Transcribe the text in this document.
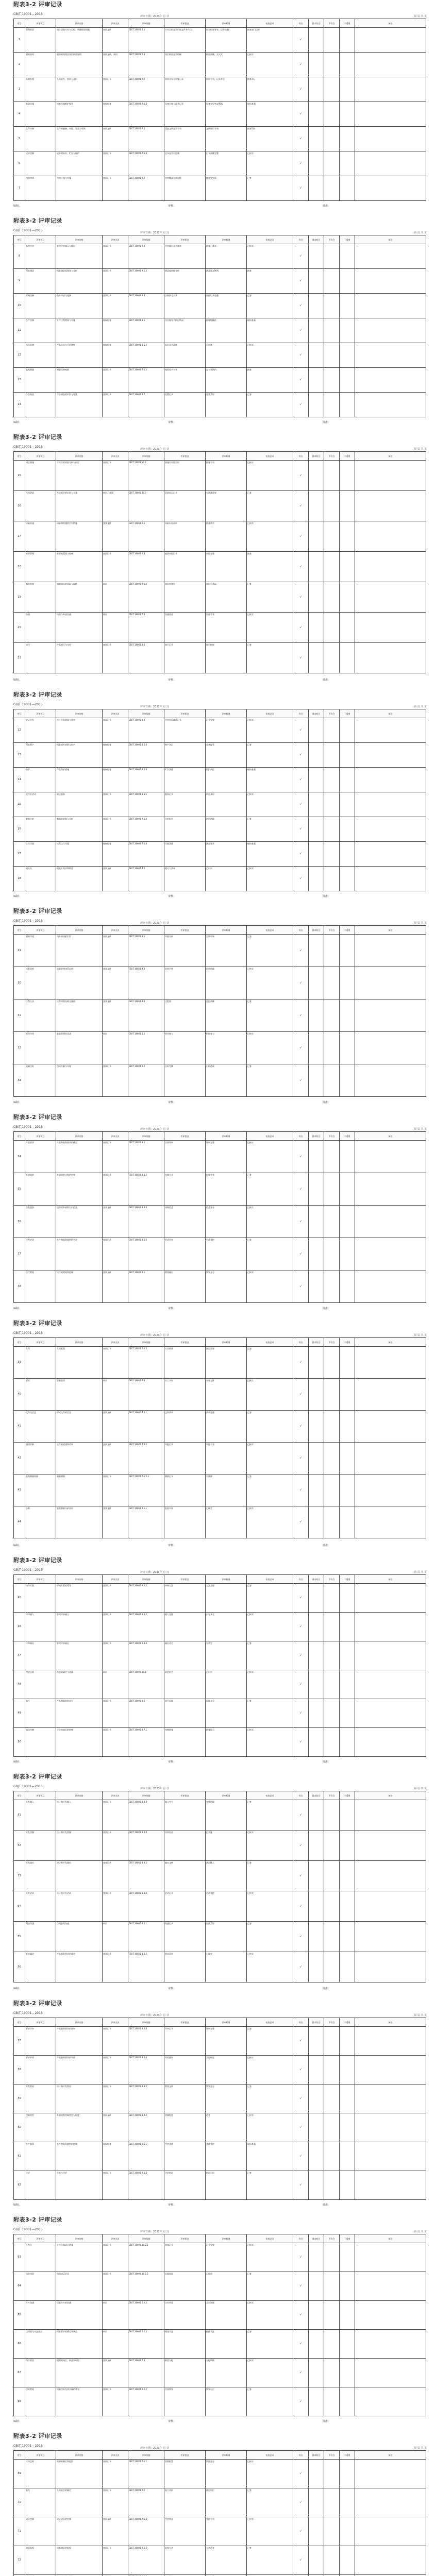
附表3-2 评审记录
GB/T 19001—2016
评审日期：2023年 月 日	第 页 共 页
序号	评审项目	评审内容	评审方法	评审依据	评审要点	评审标准	检查记录	符合	基本符合	不符合	不适用	备注
1	管理职责	建立质量方针与目标，明确职责权限	查阅文件	GB/T 19001 5.1	方针目标是否形成文件并传达	符合标准要求，记录完整	抽查部门记录	√				
2	组织结构	组织机构图及岗位职责说明	查阅文件、询问	GB/T 19001 5.3	岗位职责是否明确	职责清晰，无交叉	已核实	√				
3	资源管理	人员能力、培训与意识	查阅记录	GB/T 19001 7.2	培训计划与实施记录	培训有效，记录齐全	抽查3人	√				
4	基础设施	设备设施维护保养	现场检查	GB/T 19001 7.1.3	设备台账与保养记录	设备完好率≥95%	现场查看	√				
5	文件控制	文件的编制、审批、发放与更改	查阅文件	GB/T 19001 7.5	受控文件是否有效	文件现行有效	抽查5份	√				
6	记录控制	记录的标识、贮存与保护	查阅记录	GB/T 19001 7.5.3	记录是否可追溯	记录清晰完整	已核实	√				
7	内部审核	内审计划与实施	查阅记录	GB/T 19001 9.2	内审覆盖全部过程	按计划完成	已查	√				
编制：	审核：	批准：
附表3-2 评审记录
GB/T 19001—2016
评审日期：2023年 月 日	第 页 共 页
序号	评审项目	评审内容	评审方法	评审依据	评审要点	评审标准	检查记录	符合	基本符合	不符合	不适用	备注
8	管理评审	管理评审输入与输出	查阅记录	GB/T 19001 9.3	评审输出是否落实	措施已落实	已核实	√				
9	顾客满意	顾客满意度调查与分析	查阅记录	GB/T 19001 9.1.2	满意度数据分析	满意度≥90%	抽查	√				
10	采购控制	供方评价与选择	查阅记录	GB/T 19001 8.4	合格供方名录	评价记录完整	已查	√				
11	生产控制	生产过程策划与实施	现场检查	GB/T 19001 8.5	作业指导书执行情况	按规程操作	现场查看	√				
12	标识追溯	产品标识与可追溯性	现场检查	GB/T 19001 8.5.2	标识是否清晰	可追溯	已核实	√				
13	监视测量	测量设备校准	查阅记录	GB/T 19001 7.1.5	校准证书有效	在有效期内	抽查	√				
14	不合格品	不合格品的识别与处置	查阅记录	GB/T 19001 8.7	处置记录	处置及时	已查	√				
编制：	审核：	批准：
附表3-2 评审记录
GB/T 19001—2016
评审日期：2023年 月 日	第 页 共 页
序号	评审项目	评审内容	评审方法	评审依据	评审要点	评审标准	检查记录	符合	基本符合	不符合	不适用	备注
15	纠正措施	不符合的原因分析与纠正	查阅记录	GB/T 19001 10.2	措施有效性验证	措施有效	已核实	√				
16	持续改进	改进机会的识别与实施	询问、查阅	GB/T 19001 10.3	改进项目记录	有改进成果	已查	√				
17	风险机遇	风险和机遇的应对措施	查阅文件	GB/T 19001 6.1	风险识别清单	措施落实	已核实	√				
18	变更管理	变更的策划与控制	查阅记录	GB/T 19001 6.3	变更审批记录	审批完整	抽查	√				
19	知识管理	组织知识的获取与保持	询问	GB/T 19001 7.1.6	知识库建设	知识可获取	已查	√				
20	沟通	内部与外部沟通	询问	GB/T 19001 7.4	沟通渠道	沟通有效	已核实	√				
21	交付	产品放行与交付	查阅记录	GB/T 19001 8.6	放行记录	放行授权	已查	√				
编制：	审核：	批准：
附表3-2 评审记录
GB/T 19001—2016
评审日期：2023年 月 日	第 页 共 页
序号	评审项目	评审内容	评审方法	评审依据	评审要点	评审标准	检查记录	符合	基本符合	不符合	不适用	备注
22	设计开发	设计开发策划与评审	查阅记录	GB/T 19001 8.3	评审验证确认记录	记录完整	已核实	√				
23	顾客财产	顾客或外部供方财产	现场检查	GB/T 19001 8.5.3	财产登记	妥善保管	已查	√				
24	防护	产品防护措施	现场检查	GB/T 19001 8.5.4	贮存条件	防护到位	现场查看	√				
25	交付后活动	售后服务	查阅记录	GB/T 19001 8.5.5	服务记录	响应及时	已核实	√				
26	数据分析	数据的收集与分析	查阅记录	GB/T 19001 9.1.3	分析报告	结论明确	已查	√				
27	工作环境	过程运行环境	现场检查	GB/T 19001 7.1.4	环境条件	满足要求	现场查看	√				
28	相关方	相关方需求和期望	查阅文件	GB/T 19001 4.2	相关方清单	已识别	已核实	√				
编制：	审核：	批准：
附表3-2 评审记录
GB/T 19001—2016
评审日期：2023年 月 日	第 页 共 页
序号	评审项目	评审内容	评审方法	评审依据	评审要点	评审标准	检查记录	符合	基本符合	不符合	不适用	备注
29	组织环境	内外部因素识别	查阅文件	GB/T 19001 4.1	环境分析	定期更新	已查	√				
30	体系范围	质量管理体系范围	查阅文件	GB/T 19001 4.3	范围声明	范围明确	已核实	√				
31	过程方法	过程识别及相互作用	查阅文件	GB/T 19001 4.4	过程图	过程清晰	已查	√				
32	领导作用	最高管理者承诺	询问	GB/T 19001 5.1	领导参与	积极参与	已核实	√				
33	质量目标	目标分解与实现	查阅记录	GB/T 19001 6.2	目标考核	目标达成	已查	√				
编制：	审核：	批准：
附表3-2 评审记录
GB/T 19001—2016
评审日期：2023年 月 日	第 页 共 页
序号	评审项目	评审内容	评审方法	评审依据	评审要点	评审标准	检查记录	符合	基本符合	不符合	不适用	备注
34	产品要求	产品和服务要求的确定	查阅记录	GB/T 19001 8.2	合同评审	评审完整	已核实	√				
35	外部提供	外部提供过程的控制	查阅记录	GB/T 19001 8.4.2	控制方式	控制有效	已查	√				
36	信息提供	提供给外部供方的信息	查阅文件	GB/T 19001 8.4.3	采购信息	信息充分	已核实	√				
37	过程更改	生产和服务提供的更改	查阅记录	GB/T 19001 8.5.6	更改评审	更改受控	已查	√				
38	运行策划	运行的策划和控制	查阅文件	GB/T 19001 8.1	策划输出	策划充分	已核实	√				
编制：	审核：	批准：
附表3-2 评审记录
GB/T 19001—2016
评审日期：2023年 月 日	第 页 共 页
序号	评审项目	评审内容	评审方法	评审依据	评审要点	评审标准	检查记录	符合	基本符合	不符合	不适用	备注
39	人员	人员配置	查阅记录	GB/T 19001 7.1.2	人员数量	满足需要	已查	√				
40	意识	质量意识	询问	GB/T 19001 7.3	员工认知	知晓方针	已核实	√				
41	文件化信息	形成文件的信息	查阅文件	GB/T 19001 7.5.1	文件清单	清单完整	已查	√				
42	创建更新	文件的创建和更新	查阅文件	GB/T 19001 7.5.2	审批记录	审批有效	已核实	√				
43	监视测量资源	测量溯源	查阅记录	GB/T 19001 7.1.5.2	溯源记录	可溯源	已查	√				
44	总则	监视测量分析评价	查阅文件	GB/T 19001 9.1.1	监视对象	已确定	已核实	√				
编制：	审核：	批准：
附表3-2 评审记录
GB/T 19001—2016
评审日期：2023年 月 日	第 页 共 页
序号	评审项目	评审内容	评审方法	评审依据	评审要点	评审标准	检查记录	符合	基本符合	不符合	不适用	备注
45	内审方案	审核方案的策划	查阅记录	GB/T 19001 9.2.2	审核方案	方案合理	已查	√				
46	评审输入	管理评审输入	查阅记录	GB/T 19001 9.3.2	输入完整	内容齐全	已核实	√				
47	评审输出	管理评审输出	查阅记录	GB/T 19001 9.3.3	输出决定	有决定	已查	√				
48	改进总则	改进的确定与选择	询问	GB/T 19001 10.1	改进机会	已识别	已核实	√				
49	放行	产品和服务的放行	查阅记录	GB/T 19001 8.6	放行证据	证据充分	已查	√				
50	输出控制	不合格输出的控制	查阅记录	GB/T 19001 8.7.1	控制措施	措施得当	已核实	√				
编制：	审核：	批准：
附表3-2 评审记录
GB/T 19001—2016
评审日期：2023年 月 日	第 页 共 页
序号	评审项目	评审内容	评审方法	评审依据	评审要点	评审标准	检查记录	符合	基本符合	不符合	不适用	备注
51	开发输入	设计和开发输入	查阅记录	GB/T 19001 8.3.3	输入充分	完整明确	已查	√				
52	开发控制	设计和开发控制	查阅记录	GB/T 19001 8.3.4	评审验证	已实施	已核实	√				
53	开发输出	设计和开发输出	查阅记录	GB/T 19001 8.3.5	输出文件	满足输入	已查	√				
54	开发更改	设计和开发更改	查阅记录	GB/T 19001 8.3.6	更改记录	更改受控	已核实	√				
55	顾客沟通	与顾客的沟通	询问	GB/T 19001 8.2.1	沟通记录	沟通及时	已查	√				
56	要求确定	产品服务要求的确定	查阅记录	GB/T 19001 8.2.2	要求清单	已确定	已核实	√				
编制：	审核：	批准：
附表3-2 评审记录
GB/T 19001—2016
评审日期：2023年 月 日	第 页 共 页
序号	评审项目	评审内容	评审方法	评审依据	评审要点	评审标准	检查记录	符合	基本符合	不符合	不适用	备注
57	要求评审	产品服务要求的评审	查阅记录	GB/T 19001 8.2.3	评审记录	评审完整	已查	√				
58	要求更改	产品服务要求的更改	查阅记录	GB/T 19001 8.2.4	更改通知	及时传达	已核实	√				
59	开发策划	设计和开发策划	查阅记录	GB/T 19001 8.3.2	策划文件	策划充分	已查	√				
60	控制类型	外部提供控制类型与程度	查阅文件	GB/T 19001 8.4.2	控制程度	适宜	已核实	√				
61	生产服务	生产和服务提供的控制	现场检查	GB/T 19001 8.5.1	受控条件	条件受控	现场查看	√				
62	评价	分析与评价	查阅记录	GB/T 19001 9.1.3	评价结论	结论可信	已查	√				
编制：	审核：	批准：
附表3-2 评审记录
GB/T 19001—2016
评审日期：2023年 月 日	第 页 共 页
序号	评审项目	评审内容	评审方法	评审依据	评审要点	评审标准	检查记录	符合	基本符合	不符合	不适用	备注
63	不符合	不符合和纠正措施	查阅记录	GB/T 19001 10.2.1	措施记录	记录完整	已核实	√				
64	信息保留	保留成文信息	查阅记录	GB/T 19001 10.2.2	证据保留	已保留	已查	√				
65	方针沟通	质量方针的沟通	询问	GB/T 19001 5.2.2	方针传达	全员知晓	已核实	√				
66	以顾客为关注焦点	顾客要求的确定和满足	询问	GB/T 19001 5.1.2	顾客关注	持续关注	已查	√				
67	岗位职责	组织的岗位、职责和权限	查阅文件	GB/T 19001 5.3	职责分配	分配明确	已核实	√				
68	目标策划	质量目标及其实现的策划	查阅记录	GB/T 19001 6.2.2	实现策划	策划可行	已查	√				
编制：	审核：	批准：
附表3-2 评审记录
GB/T 19001—2016
评审日期：2023年 月 日	第 页 共 页
序号	评审项目	评审内容	评审方法	评审依据	评审要点	评审标准	检查记录	符合	基本符合	不符合	不适用	备注
69	支持总则	资源的确定和提供	查阅记录	GB/T 19001 7.1.1	资源配置	资源充分	已核实	√				
70	能力	人员能力的确定	查阅记录	GB/T 19001 7.2	能力评价	满足岗位	已查	√				
71	成文控制	成文信息的控制	查阅文件	GB/T 19001 7.5.3	受控状态	受控有效	已核实	√				
72	满意监视	顾客满意的监视	查阅记录	GB/T 19001 9.1.2	监视方法	方法适宜	已查	√				
